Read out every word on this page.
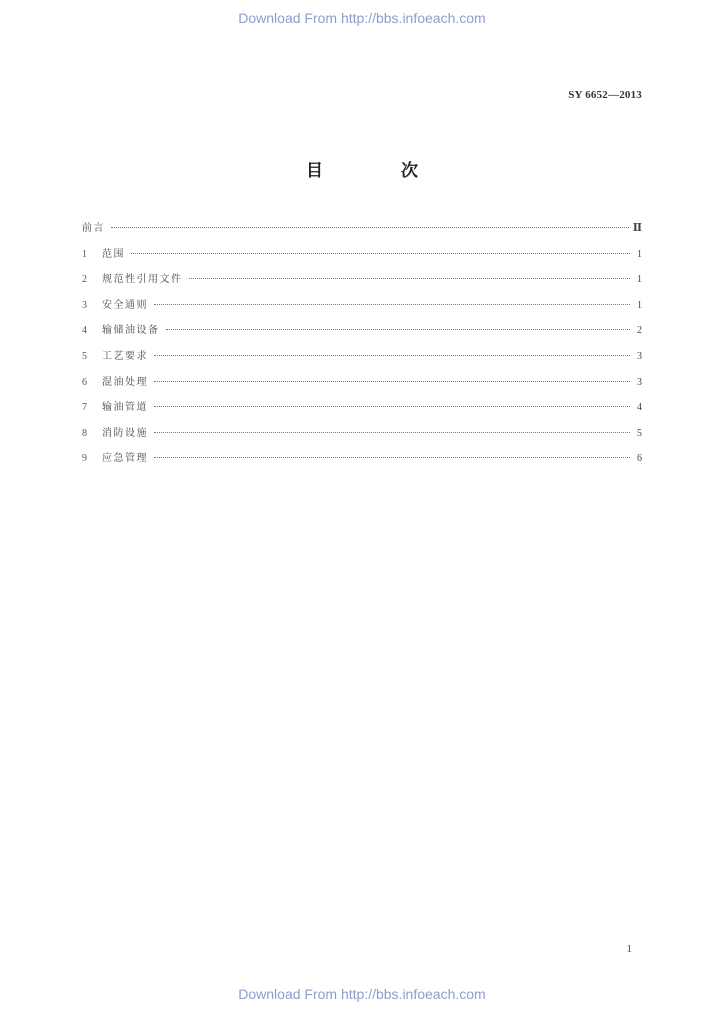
Download From http://bbs.infoeach.com
SY 6652—2013
目 次
前言	Ⅱ
1	范围	1
2	规范性引用文件	1
3	安全通则	1
4	输储油设备	2
5	工艺要求	3
6	混油处理	3
7	输油管道	4
8	消防设施	5
9	应急管理	6
1
Download From http://bbs.infoeach.com
